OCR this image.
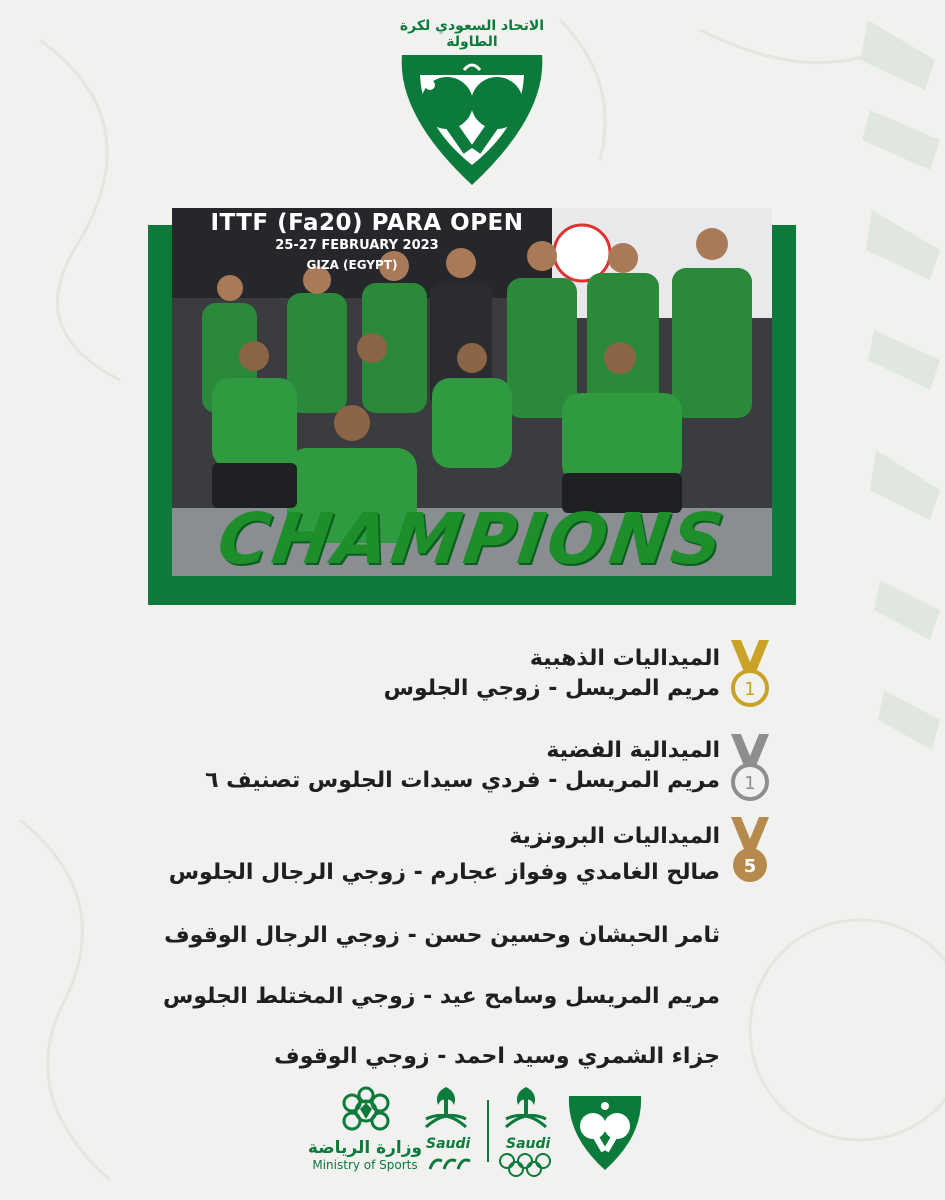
الاتحاد السعودي لكرة الطاولة
ITTF (Fa20) PARA OPEN
25-27 FEBRUARY 2023
GIZA (EGYPT)
CHAMPIONS
1
الميداليات الذهبية
مريم المريسل - زوجي الجلوس
1
الميدالية الفضية
مريم المريسل - فردي سيدات الجلوس تصنيف ٦
5
الميداليات البرونزية
صالح الغامدي وفواز عجارم - زوجي الرجال الجلوس
ثامر الحبشان وحسين حسن - زوجي الرجال الوقوف
مريم المريسل وسامح عيد - زوجي المختلط الجلوس
جزاء الشمري وسيد احمد - زوجي الوقوف
وزارة الرياضة
Ministry of Sports
Saudi	Saudi
